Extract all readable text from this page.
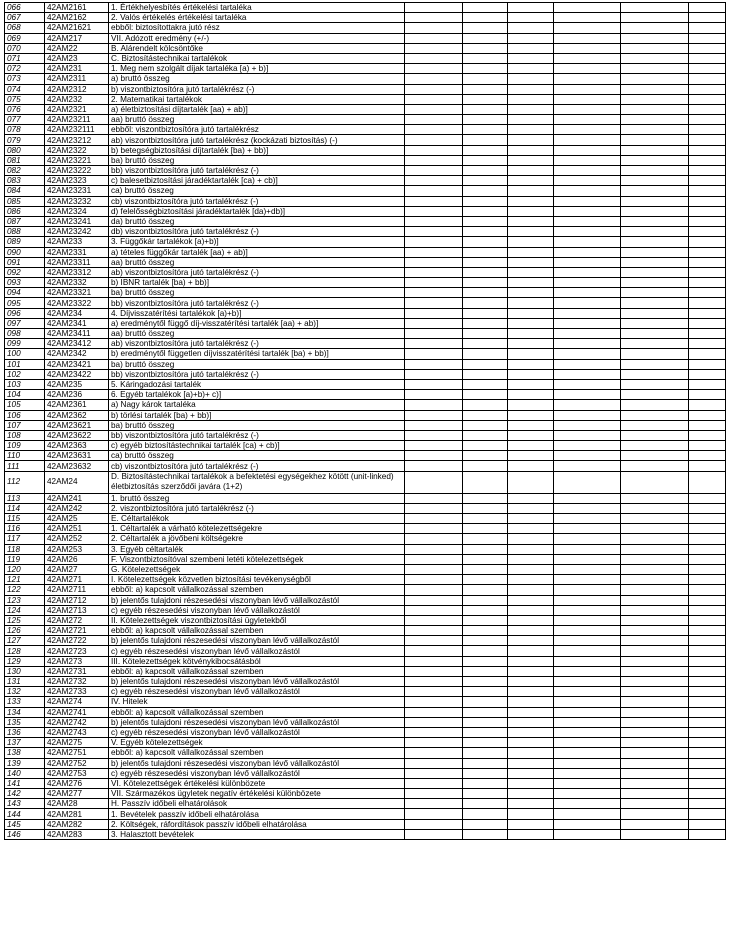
066	42AM2161	1. Értékhelyesbítés értékelési tartaléka						
067	42AM2162	2. Valós értékelés értékelési tartaléka						
068	42AM21621	ebből: biztosítottakra jutó rész						
069	42AM217	VII. Adózott eredmény (+/-)						
070	42AM22	B. Alárendelt kölcsöntőke						
071	42AM23	C. Biztosítástechnikai tartalékok						
072	42AM231	1. Meg nem szolgált díjak tartaléka [a) + b)]						
073	42AM2311	a) bruttó összeg						
074	42AM2312	b) viszontbiztosítóra jutó tartalékrész (-)						
075	42AM232	2. Matematikai tartalékok						
076	42AM2321	a) életbiztosítási díjtartalék [aa) + ab)]						
077	42AM23211	aa) bruttó összeg						
078	42AM232111	ebből: viszontbiztosítóra jutó tartalékrész						
079	42AM23212	ab) viszontbiztosítóra jutó tartalékrész (kockázati biztosítás) (-)						
080	42AM2322	b) betegségbiztosítási díjtartalék [ba) + bb)]						
081	42AM23221	ba) bruttó összeg						
082	42AM23222	bb) viszontbiztosítóra jutó tartalékrész (-)						
083	42AM2323	c) balesetbiztosítási járadéktartalék [ca) + cb)]						
084	42AM23231	ca) bruttó összeg						
085	42AM23232	cb) viszontbiztosítóra jutó tartalékrész (-)						
086	42AM2324	d) felelősségbiztosítási járadéktartalék [da)+db)]						
087	42AM23241	da) bruttó összeg						
088	42AM23242	db) viszontbiztosítóra jutó tartalékrész (-)						
089	42AM233	3. Függőkár tartalékok [a)+b)]						
090	42AM2331	a) tételes függőkár tartalék [aa) + ab)]						
091	42AM23311	aa) bruttó összeg						
092	42AM23312	ab) viszontbiztosítóra jutó tartalékrész (-)						
093	42AM2332	b) IBNR tartalék [ba) + bb)]						
094	42AM23321	ba) bruttó összeg						
095	42AM23322	bb) viszontbiztosítóra jutó tartalékrész (-)						
096	42AM234	4. Díjvisszatérítési tartalékok [a)+b)]						
097	42AM2341	a) eredménytől függő díj-visszatérítési tartalék [aa) + ab)]						
098	42AM23411	aa) bruttó összeg						
099	42AM23412	ab) viszontbiztosítóra jutó tartalékrész (-)						
100	42AM2342	b) eredménytől független díjvisszatérítési tartalék [ba) + bb)]						
101	42AM23421	ba) bruttó összeg						
102	42AM23422	bb) viszontbiztosítóra jutó tartalékrész (-)						
103	42AM235	5. Káringadozási tartalék						
104	42AM236	6. Egyéb tartalékok [a)+b)+ c)]						
105	42AM2361	a) Nagy károk tartaléka						
106	42AM2362	b) törlési tartalék [ba) + bb)]						
107	42AM23621	ba) bruttó összeg						
108	42AM23622	bb) viszontbiztosítóra jutó tartalékrész (-)						
109	42AM2363	c) egyéb biztosítástechnikai tartalék [ca) + cb)]						
110	42AM23631	ca) bruttó összeg						
111	42AM23632	cb) viszontbiztosítóra jutó tartalékrész (-)						
112	42AM24	D. Biztosítástechnikai tartalékok a befektetési egységekhez kötött (unit-linked) életbiztosítás szerződői javára (1+2)						
113	42AM241	1. bruttó összeg						
114	42AM242	2. viszontbiztosítóra jutó tartalékrész (-)						
115	42AM25	E. Céltartalékok						
116	42AM251	1. Céltartalék a várható kötelezettségekre						
117	42AM252	2. Céltartalék a jövőbeni költségekre						
118	42AM253	3. Egyéb céltartalék						
119	42AM26	F. Viszontbiztosítóval szembeni letéti kötelezettségek						
120	42AM27	G. Kötelezettségek						
121	42AM271	I. Kötelezettségek közvetlen biztosítási tevékenységből						
122	42AM2711	ebből: a) kapcsolt vállalkozással szemben						
123	42AM2712	b) jelentős tulajdoni részesedési viszonyban lévő vállalkozástól						
124	42AM2713	c) egyéb részesedési viszonyban lévő vállalkozástól						
125	42AM272	II. Kötelezettségek viszontbiztosítási ügyletekből						
126	42AM2721	ebből: a) kapcsolt vállalkozással szemben						
127	42AM2722	b) jelentős tulajdoni részesedési viszonyban lévő vállalkozástól						
128	42AM2723	c) egyéb részesedési viszonyban lévő vállalkozástól						
129	42AM273	III. Kötelezettségek kötvénykibocsátásból						
130	42AM2731	ebből: a) kapcsolt vállalkozással szemben						
131	42AM2732	b) jelentős tulajdoni részesedési viszonyban lévő vállalkozástól						
132	42AM2733	c) egyéb részesedési viszonyban lévő vállalkozástól						
133	42AM274	IV. Hitelek						
134	42AM2741	ebből: a) kapcsolt vállalkozással szemben						
135	42AM2742	b) jelentős tulajdoni részesedési viszonyban lévő vállalkozástól						
136	42AM2743	c) egyéb részesedési viszonyban lévő vállalkozástól						
137	42AM275	V. Egyéb kötelezettségek						
138	42AM2751	ebből: a) kapcsolt vállalkozással szemben						
139	42AM2752	b) jelentős tulajdoni részesedési viszonyban lévő vállalkozástól						
140	42AM2753	c) egyéb részesedési viszonyban lévő vállalkozástól						
141	42AM276	VI. Kötelezettségek értékelési különbözete						
142	42AM277	VII. Származékos ügyletek negatív értékelési különbözete						
143	42AM28	H. Passzív időbeli elhatárolások						
144	42AM281	1. Bevételek passzív időbeli elhatárolása						
145	42AM282	2. Költségek, ráfordítások passzív időbeli elhatárolása						
146	42AM283	3. Halasztott bevételek						
